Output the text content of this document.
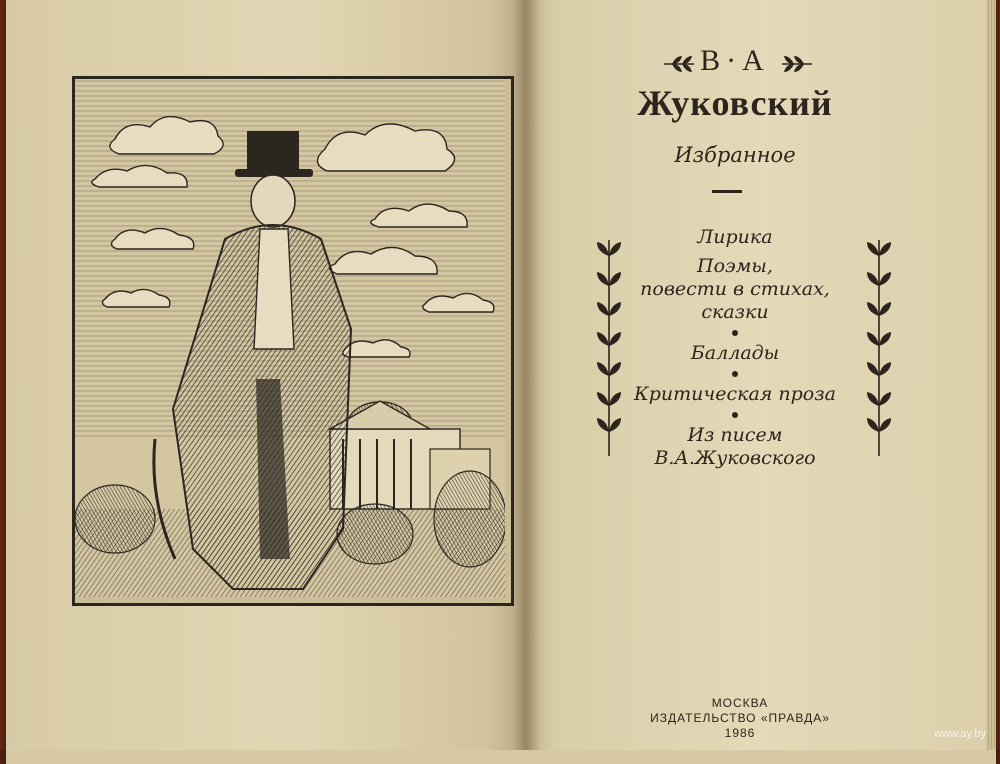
В·А
Жуковский
Избранное
Лирика
Поэмы,
повести в стихах,
сказки
Баллады
Критическая проза
Из писем
В.А.Жуковского
МОСКВА
ИЗДАТЕЛЬСТВО «ПРАВДА»
1986	www.ay.by
